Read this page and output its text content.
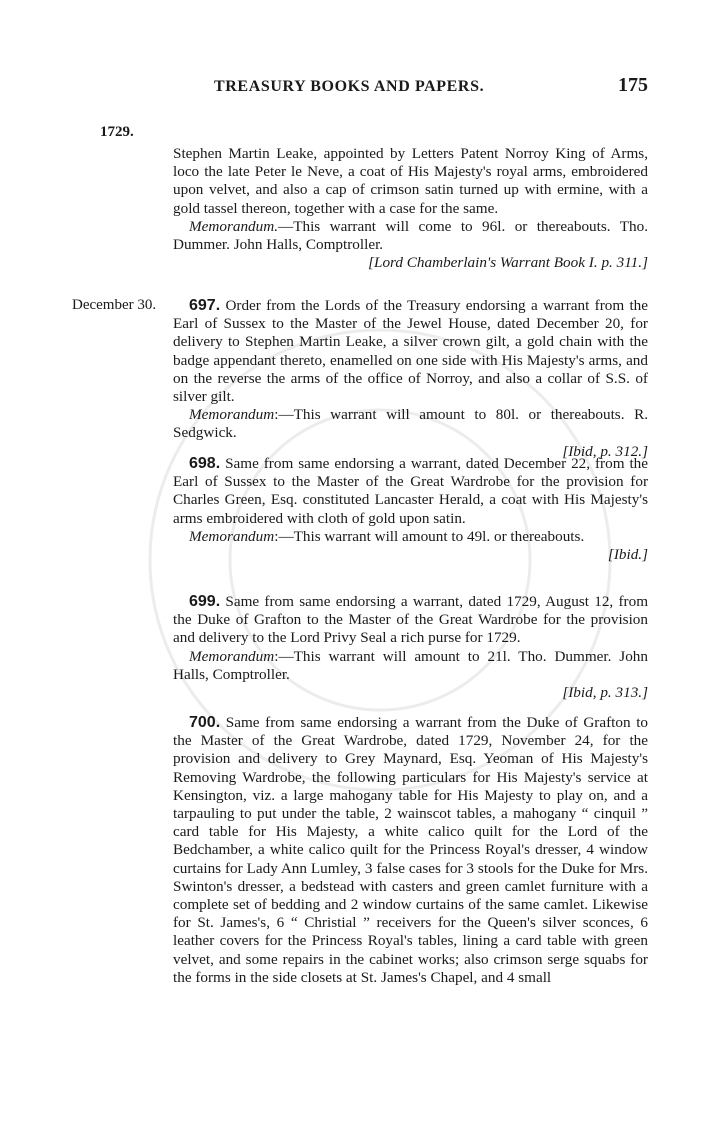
TREASURY BOOKS AND PAPERS.	175
1729.
December 30.

Stephen Martin Leake, appointed by Letters Patent Norroy King of Arms, loco the late Peter le Neve, a coat of His Majesty's royal arms, embroidered upon velvet, and also a cap of crimson satin turned up with ermine, with a gold tassel thereon, together with a case for the same.

Memorandum.—This warrant will come to 96l. or thereabouts. Tho. Dummer. John Halls, Comptroller.

[Lord Chamberlain's Warrant Book I. p. 311.]

697. Order from the Lords of the Treasury endorsing a warrant from the Earl of Sussex to the Master of the Jewel House, dated December 20, for delivery to Stephen Martin Leake, a silver crown gilt, a gold chain with the badge appendant thereto, enamelled on one side with His Majesty's arms, and on the reverse the arms of the office of Norroy, and also a collar of S.S. of silver gilt.

Memorandum:—This warrant will amount to 80l. or thereabouts. R. Sedgwick.

[Ibid, p. 312.]

698. Same from same endorsing a warrant, dated December 22, from the Earl of Sussex to the Master of the Great Wardrobe for the provision for Charles Green, Esq. constituted Lancaster Herald, a coat with His Majesty's arms embroidered with cloth of gold upon satin.

Memorandum:—This warrant will amount to 49l. or thereabouts.

[Ibid.]

699. Same from same endorsing a warrant, dated 1729, August 12, from the Duke of Grafton to the Master of the Great Wardrobe for the provision and delivery to the Lord Privy Seal a rich purse for 1729.

Memorandum:—This warrant will amount to 21l. Tho. Dummer. John Halls, Comptroller.

[Ibid, p. 313.]

700. Same from same endorsing a warrant from the Duke of Grafton to the Master of the Great Wardrobe, dated 1729, November 24, for the provision and delivery to Grey Maynard, Esq. Yeoman of His Majesty's Removing Wardrobe, the following particulars for His Majesty's service at Kensington, viz. a large mahogany table for His Majesty to play on, and a tarpauling to put under the table, 2 wainscot tables, a mahogany “ cinquil ” card table for His Majesty, a white calico quilt for the Lord of the Bedchamber, a white calico quilt for the Princess Royal's dresser, 4 window curtains for Lady Ann Lumley, 3 false cases for 3 stools for the Duke for Mrs. Swinton's dresser, a bedstead with casters and green camlet furniture with a complete set of bedding and 2 window curtains of the same camlet. Likewise for St. James's, 6 “ Christial ” receivers for the Queen's silver sconces, 6 leather covers for the Princess Royal's tables, lining a card table with green velvet, and some repairs in the cabinet works; also crimson serge squabs for the forms in the side closets at St. James's Chapel, and 4 small
